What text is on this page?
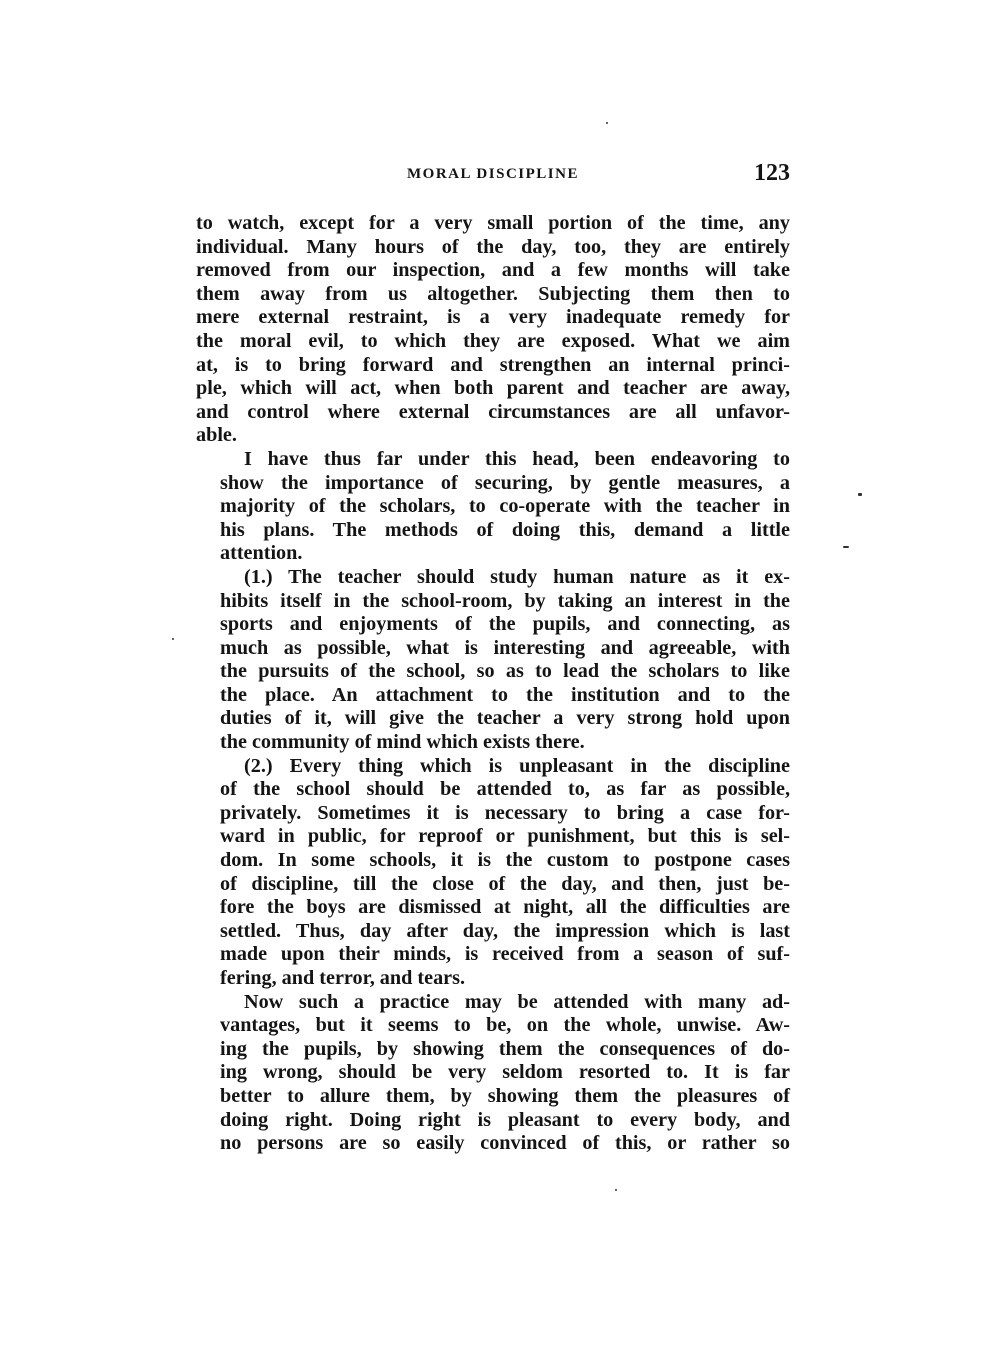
MORAL DISCIPLINE	123

to watch, except for a very small portion of the time, any
individual. Many hours of the day, too, they are entirely
removed from our inspection, and a few months will take
them away from us altogether. Subjecting them then to
mere external restraint, is a very inadequate remedy for
the moral evil, to which they are exposed. What we aim
at, is to bring forward and strengthen an internal princi-
ple, which will act, when both parent and teacher are away,
and control where external circumstances are all unfavor-
able.

I have thus far under this head, been endeavoring to
show the importance of securing, by gentle measures, a
majority of the scholars, to co-operate with the teacher in
his plans. The methods of doing this, demand a little
attention.

(1.) The teacher should study human nature as it ex-
hibits itself in the school-room, by taking an interest in the
sports and enjoyments of the pupils, and connecting, as
much as possible, what is interesting and agreeable, with
the pursuits of the school, so as to lead the scholars to like
the place. An attachment to the institution and to the
duties of it, will give the teacher a very strong hold upon
the community of mind which exists there.

(2.) Every thing which is unpleasant in the discipline
of the school should be attended to, as far as possible,
privately. Sometimes it is necessary to bring a case for-
ward in public, for reproof or punishment, but this is sel-
dom. In some schools, it is the custom to postpone cases
of discipline, till the close of the day, and then, just be-
fore the boys are dismissed at night, all the difficulties are
settled. Thus, day after day, the impression which is last
made upon their minds, is received from a season of suf-
fering, and terror, and tears.

Now such a practice may be attended with many ad-
vantages, but it seems to be, on the whole, unwise. Aw-
ing the pupils, by showing them the consequences of do-
ing wrong, should be very seldom resorted to. It is far
better to allure them, by showing them the pleasures of
doing right. Doing right is pleasant to every body, and
no persons are so easily convinced of this, or rather so
